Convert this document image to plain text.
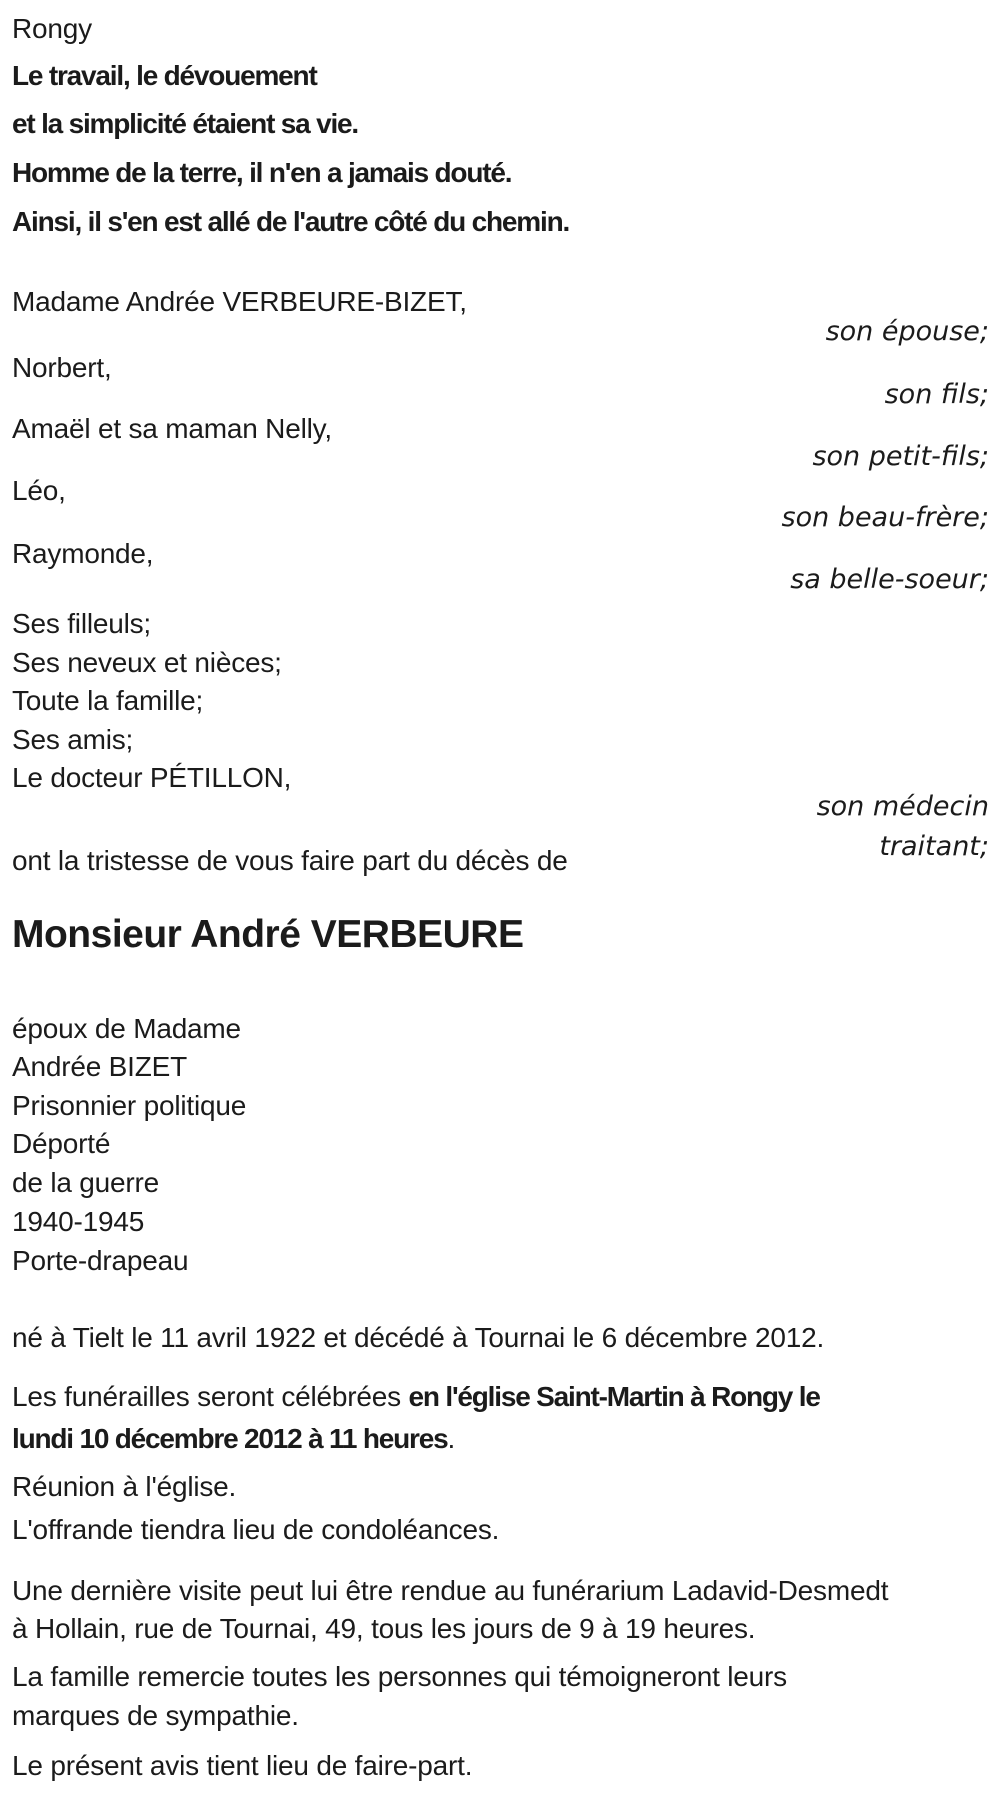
Rongy
Le travail, le dévouement
et la simplicité étaient sa vie.
Homme de la terre, il n'en a jamais douté.
Ainsi, il s'en est allé de l'autre côté du chemin.
Madame Andrée VERBEURE-BIZET,
son épouse;
Norbert,
son fils;
Amaël et sa maman Nelly,
son petit-fils;
Léo,
son beau-frère;
Raymonde,
sa belle-soeur;
Ses filleuls;
Ses neveux et nièces;
Toute la famille;
Ses amis;
Le docteur PÉTILLON,
son médecin
traitant;
ont la tristesse de vous faire part du décès de
Monsieur André VERBEURE
époux de Madame
Andrée BIZET
Prisonnier politique
Déporté
de la guerre
1940-1945
Porte-drapeau
né à Tielt le 11 avril 1922 et décédé à Tournai le 6 décembre 2012.
Les funérailles seront célébrées en l'église Saint-Martin à Rongy le
lundi 10 décembre 2012 à 11 heures.
Réunion à l'église.
L'offrande tiendra lieu de condoléances.
Une dernière visite peut lui être rendue au funérarium Ladavid-Desmedt
à Hollain, rue de Tournai, 49, tous les jours de 9 à 19 heures.
La famille remercie toutes les personnes qui témoigneront leurs
marques de sympathie.
Le présent avis tient lieu de faire-part.
